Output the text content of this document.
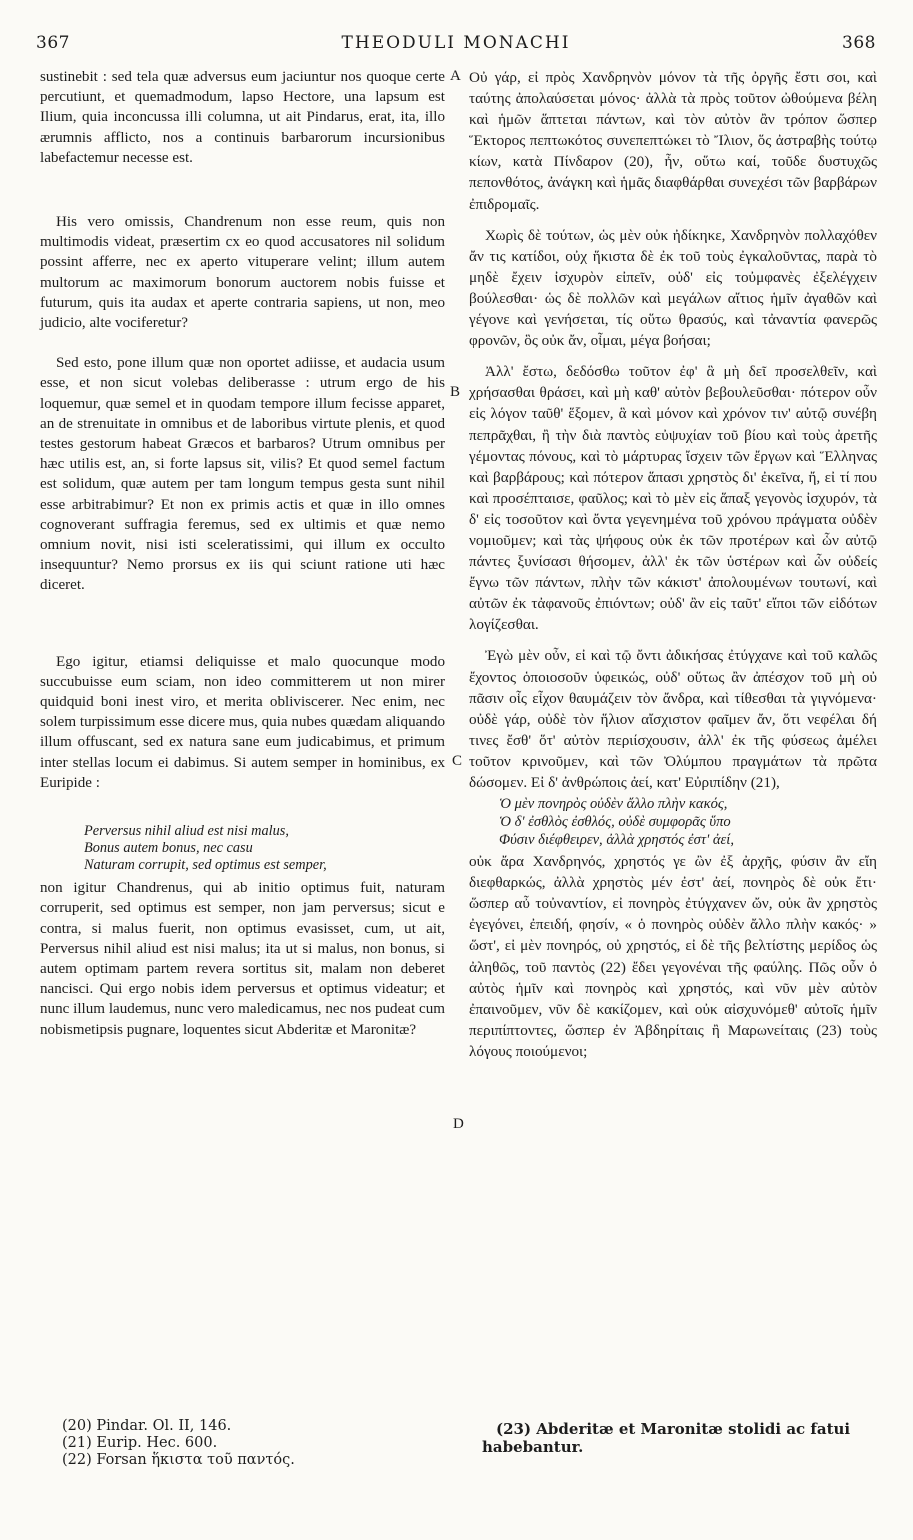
367	THEODULI MONACHI	368
A
B
C
D

sustinebit : sed tela quæ adversus eum jaciuntur nos quoque certe percutiunt, et quemadmodum, lapso Hectore, una lapsum est Ilium, quia inconcussa illi columna, ut ait Pindarus, erat, ita, illo ærumnis afflicto, nos a continuis barbarorum incursionibus labefactemur necesse est.

His vero omissis, Chandrenum non esse reum, quis non multimodis videat, præsertim cx eo quod accusatores nil solidum possint afferre, nec ex aperto vituperare velint; illum autem multorum ac maximorum bonorum auctorem nobis fuisse et futurum, quis ita audax et aperte contraria sapiens, ut non, meo judicio, alte vociferetur?

Sed esto, pone illum quæ non oportet adiisse, et audacia usum esse, et non sicut volebas deliberasse : utrum ergo de his loquemur, quæ semel et in quodam tempore illum fecisse apparet, an de strenuitate in omnibus et de laboribus virtute plenis, et quod testes gestorum habeat Græcos et barbaros? Utrum omnibus per hæc utilis est, an, si forte lapsus sit, vilis? Et quod semel factum est solidum, quæ autem per tam longum tempus gesta sunt nihil esse arbitrabimur? Et non ex primis actis et quæ in illo omnes cognoverant suffragia feremus, sed ex ultimis et quæ nemo omnium novit, nisi isti sceleratissimi, qui illum ex occulto insequuntur? Nemo prorsus ex iis qui sciunt ratione uti hæc diceret.

Ego igitur, etiamsi deliquisse et malo quocunque modo succubuisse eum sciam, non ideo committerem ut non mirer quidquid boni inest viro, et merita obliviscerer. Nec enim, nec solem turpissimum esse dicere mus, quia nubes quædam aliquando illum offuscant, sed ex natura sane eum judicabimus, et primum inter stellas locum ei dabimus. Si autem semper in hominibus, ex Euripide :

Perversus nihil aliud est nisi malus,
Bonus autem bonus, nec casu
Naturam corrupit, sed optimus est semper,

non igitur Chandrenus, qui ab initio optimus fuit, naturam corruperit, sed optimus est semper, non jam perversus; sicut e contra, si malus fuerit, non optimus evasisset, cum, ut ait, Perversus nihil aliud est nisi malus; ita ut si malus, non bonus, si autem optimam partem revera sortitus sit, malam non deberet nancisci. Qui ergo nobis idem perversus et optimus videatur; et nunc illum laudemus, nunc vero maledicamus, nec nos pudeat cum nobismetipsis pugnare, loquentes sicut Abderitæ et Maronitæ?

Οὐ γάρ, εἰ πρὸς Χανδρηνὸν μόνον τὰ τῆς ὀργῆς ἔστι σοι, καὶ ταύτης ἀπολαύσεται μόνος· ἀλλὰ τὰ πρὸς τοῦτον ὠθούμενα βέλη καὶ ἡμῶν ἅπτεται πάντων, καὶ τὸν αὐτὸν ἂν τρόπον ὥσπερ Ἕκτορος πεπτωκότος συνεπεπτώκει τὸ Ἴλιον, ὅς ἀστραβὴς τούτῳ κίων, κατὰ Πίνδαρον (20), ἦν, οὕτω καί, τοῦδε δυστυχῶς πεπονθότος, ἀνάγκη καὶ ἡμᾶς διαφθάρθαι συνεχέσι τῶν βαρβάρων ἐπιδρομαῖς.

Χωρὶς δὲ τούτων, ὡς μὲν οὐκ ἠδίκηκε, Χανδρηνὸν πολλαχόθεν ἄν τις κατίδοι, οὐχ ἥκιστα δὲ ἐκ τοῦ τοὺς ἐγκαλοῦντας, παρὰ τὸ μηδὲ ἔχειν ἰσχυρὸν εἰπεῖν, οὐδ' εἰς τοὐμφανὲς ἐξελέγχειν βούλεσθαι· ὡς δὲ πολλῶν καὶ μεγάλων αἴτιος ἡμῖν ἀγαθῶν καὶ γέγονε καὶ γενήσεται, τίς οὕτω θρασύς, καὶ τἀναντία φανερῶς φρονῶν, ὃς οὐκ ἄν, οἶμαι, μέγα βοήσαι;

Ἀλλ' ἔστω, δεδόσθω τοῦτον ἐφ' ἃ μὴ δεῖ προσελθεῖν, καὶ χρήσασθαι θράσει, καὶ μὴ καθ' αὐτὸν βεβουλεῦσθαι· πότερον οὖν εἰς λόγον ταῦθ' ἕξομεν, ἃ καὶ μόνον καὶ χρόνον τιν' αὐτῷ συνέβη πεπρᾶχθαι, ἢ τὴν διὰ παντὸς εὐψυχίαν τοῦ βίου καὶ τοὺς ἀρετῆς γέμοντας πόνους, καὶ τὸ μάρτυρας ἴσχειν τῶν ἔργων καὶ Ἕλληνας καὶ βαρβάρους; καὶ πότερον ἅπασι χρηστὸς δι' ἐκεῖνα, ἤ, εἰ τί που καὶ προσέπταισε, φαῦλος; καὶ τὸ μὲν εἰς ἅπαξ γεγονὸς ἰσχυρόν, τὰ δ' εἰς τοσοῦτον καὶ ὄντα γεγενημένα τοῦ χρόνου πράγματα οὐδὲν νομιοῦμεν; καὶ τὰς ψήφους οὐκ ἐκ τῶν προτέρων καὶ ὧν αὐτῷ πάντες ξυνίσασι θήσομεν, ἀλλ' ἐκ τῶν ὑστέρων καὶ ὧν οὐδείς ἔγνω τῶν πάντων, πλὴν τῶν κάκιστ' ἀπολουμένων τουτωνί, καὶ αὐτῶν ἐκ τἀφανοῦς ἐπιόντων; οὐδ' ἂν εἰς ταῦτ' εἴποι τῶν εἰδότων λογίζεσθαι.

Ἐγὼ μὲν οὖν, εἰ καὶ τῷ ὄντι ἀδικήσας ἐτύγχανε καὶ τοῦ καλῶς ἔχοντος ὁποιοσοῦν ὑφεικώς, οὐδ' οὕτως ἂν ἀπέσχον τοῦ μὴ οὐ πᾶσιν οἷς εἶχον θαυμάζειν τὸν ἄνδρα, καὶ τίθεσθαι τὰ γιγνόμενα· οὐδὲ γάρ, οὐδὲ τὸν ἥλιον αἴσχιστον φαῖμεν ἄν, ὅτι νεφέλαι δή τινες ἔσθ' ὅτ' αὐτὸν περιίσχουσιν, ἀλλ' ἐκ τῆς φύσεως ἀμέλει τοῦτον κρινοῦμεν, καὶ τῶν Ὀλύμπου πραγμάτων τὰ πρῶτα δώσομεν. Εἰ δ' ἀνθρώποις ἀεί, κατ' Εὐριπίδην (21),

Ὁ μὲν πονηρὸς οὐδὲν ἄλλο πλὴν κακός,
Ὁ δ' ἐσθλὸς ἐσθλός, οὐδὲ συμφορᾶς ὕπο
Φύσιν διέφθειρεν, ἀλλὰ χρηστός ἐστ' ἀεί,

οὐκ ἄρα Χανδρηνός, χρηστός γε ὢν ἐξ ἀρχῆς, φύσιν ἂν εἴη διεφθαρκώς, ἀλλὰ χρηστὸς μέν ἐστ' ἀεί, πονηρὸς δὲ οὐκ ἔτι· ὥσπερ αὖ τοὐναντίον, εἰ πονηρὸς ἐτύγχανεν ὤν, οὐκ ἂν χρηστὸς ἐγεγόνει, ἐπειδή, φησίν, « ὁ πονηρὸς οὐδὲν ἄλλο πλὴν κακός· » ὥστ', εἰ μὲν πονηρός, οὐ χρηστός, εἰ δὲ τῆς βελτίστης μερίδος ὡς ἀληθῶς, τοῦ παντὸς (22) ἔδει γεγονέναι τῆς φαύλης. Πῶς οὖν ὁ αὐτὸς ἡμῖν καὶ πονηρὸς καὶ χρηστός, καὶ νῦν μὲν αὐτὸν ἐπαινοῦμεν, νῦν δὲ κακίζομεν, καὶ οὐκ αἰσχυνόμεθ' αὐτοῖς ἡμῖν περιπίπτοντες, ὥσπερ ἐν Ἀβδηρίταις ἢ Μαρωνείταις (23) τοὺς λόγους ποιούμενοι;

(20) Pindar. Ol. II, 146.
(21) Eurip. Hec. 600.
(22) Forsan ἥκιστα τοῦ παντός.

(23) Abderitæ et Maronitæ stolidi ac fatui habebantur.
